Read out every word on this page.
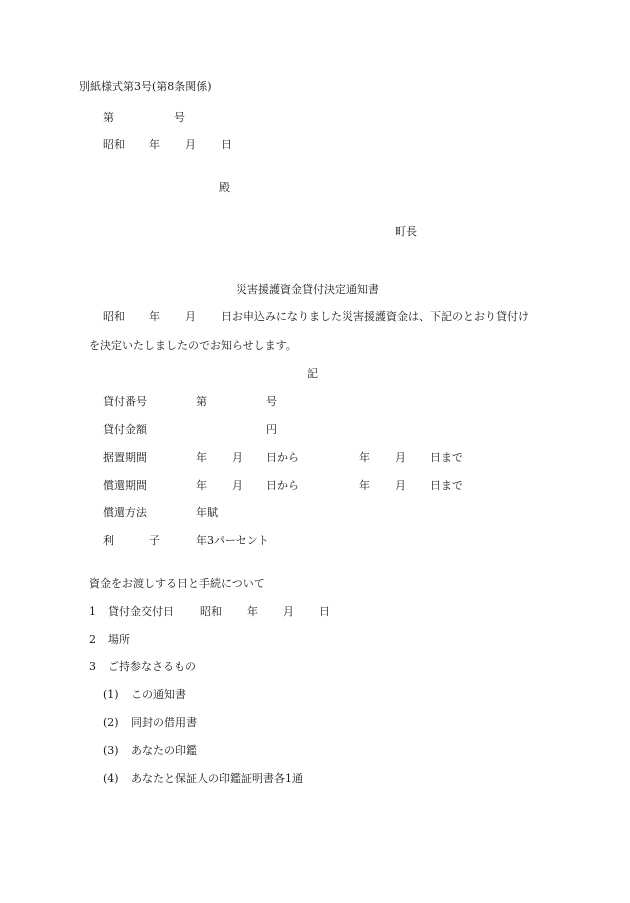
別紙様式第3号(第8条関係)
第	号
昭和 年 月 日
殿
町長
災害援護資金貸付決定通知書
昭和 年 月 日お申込みになりました災害援護資金は、下記のとおり貸付け
を決定いたしましたのでお知らせします。
記
貸付番号	第	号
貸付金額	円
据置期間	年 月 日から	年 月 日まで
償還期間	年 月 日から	年 月 日まで
償還方法	年賦
利	子	年3パーセント
資金をお渡しする日と手続について
1 貸付金交付日 昭和 年 月 日
2 場所
3 ご持参なさるもの
(1) この通知書
(2) 同封の借用書
(3) あなたの印鑑
(4) あなたと保証人の印鑑証明書各1通
